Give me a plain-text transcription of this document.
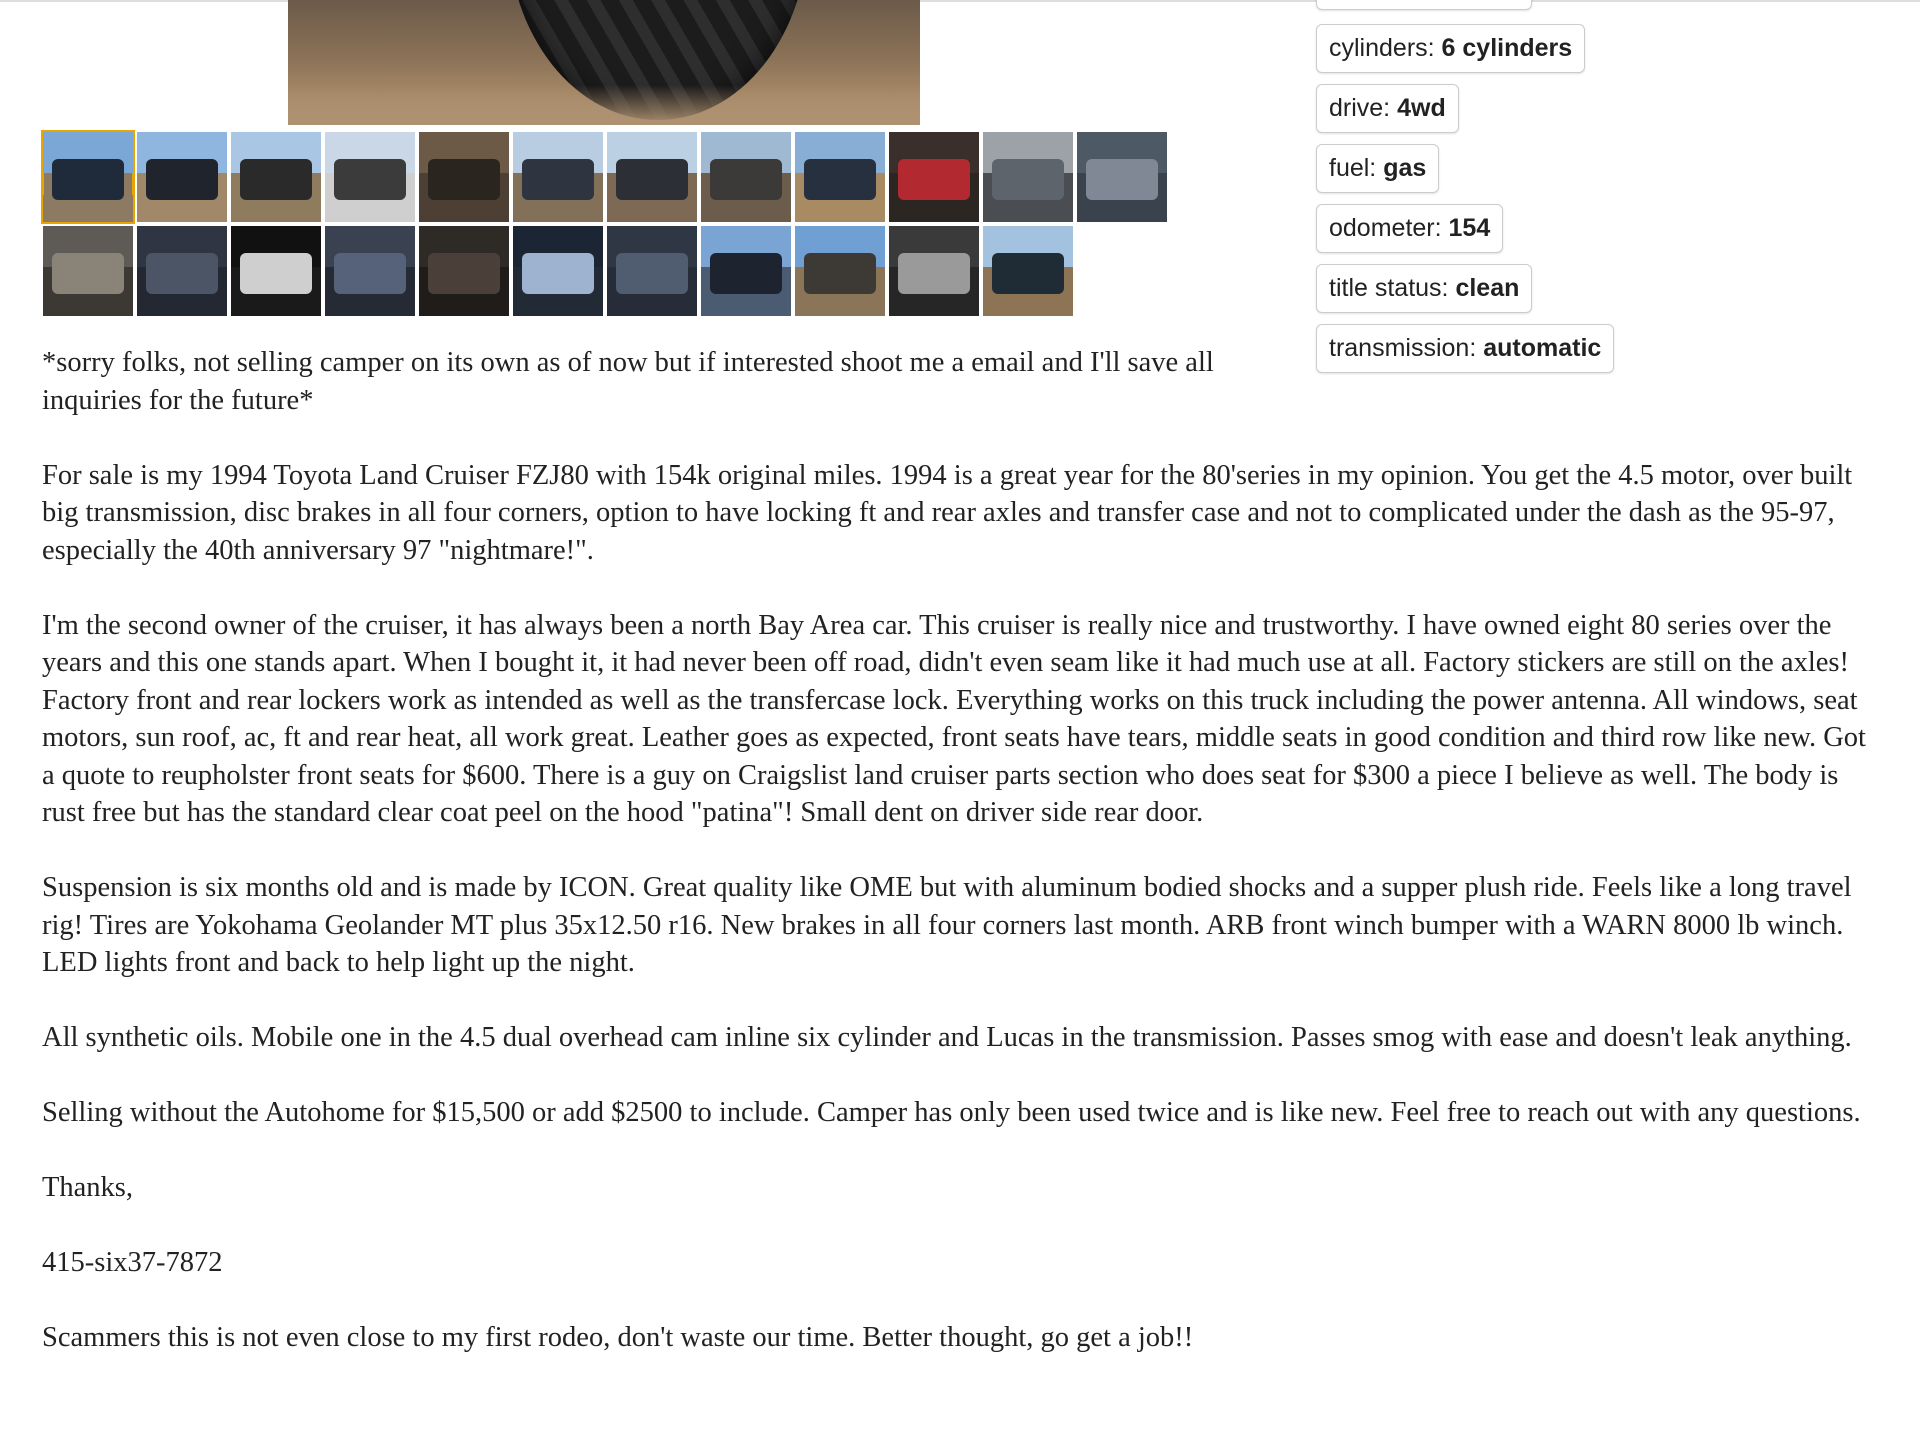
cylinders: 6 cylinders
drive: 4wd
fuel: gas
odometer: 154
title status: clean
transmission: automatic

*sorry folks, not selling camper on its own as of now but if interested shoot me a email and I'll save all inquiries for the future*

For sale is my 1994 Toyota Land Cruiser FZJ80 with 154k original miles. 1994 is a great year for the 80'series in my opinion. You get the 4.5 motor, over built big transmission, disc brakes in all four corners, option to have locking ft and rear axles and transfer case and not to complicated under the dash as the 95-97, especially the 40th anniversary 97 "nightmare!".

I'm the second owner of the cruiser, it has always been a north Bay Area car. This cruiser is really nice and trustworthy. I have owned eight 80 series over the years and this one stands apart. When I bought it, it had never been off road, didn't even seam like it had much use at all. Factory stickers are still on the axles! Factory front and rear lockers work as intended as well as the transfercase lock. Everything works on this truck including the power antenna. All windows, seat motors, sun roof, ac, ft and rear heat, all work great. Leather goes as expected, front seats have tears, middle seats in good condition and third row like new. Got a quote to reupholster front seats for $600. There is a guy on Craigslist land cruiser parts section who does seat for $300 a piece I believe as well. The body is rust free but has the standard clear coat peel on the hood "patina"! Small dent on driver side rear door.

Suspension is six months old and is made by ICON. Great quality like OME but with aluminum bodied shocks and a supper plush ride. Feels like a long travel rig! Tires are Yokohama Geolander MT plus 35x12.50 r16. New brakes in all four corners last month. ARB front winch bumper with a WARN 8000 lb winch. LED lights front and back to help light up the night.

All synthetic oils. Mobile one in the 4.5 dual overhead cam inline six cylinder and Lucas in the transmission. Passes smog with ease and doesn't leak anything.

Selling without the Autohome for $15,500 or add $2500 to include. Camper has only been used twice and is like new. Feel free to reach out with any questions.

Thanks,

415-six37-7872

Scammers this is not even close to my first rodeo, don't waste our time. Better thought, go get a job!!
